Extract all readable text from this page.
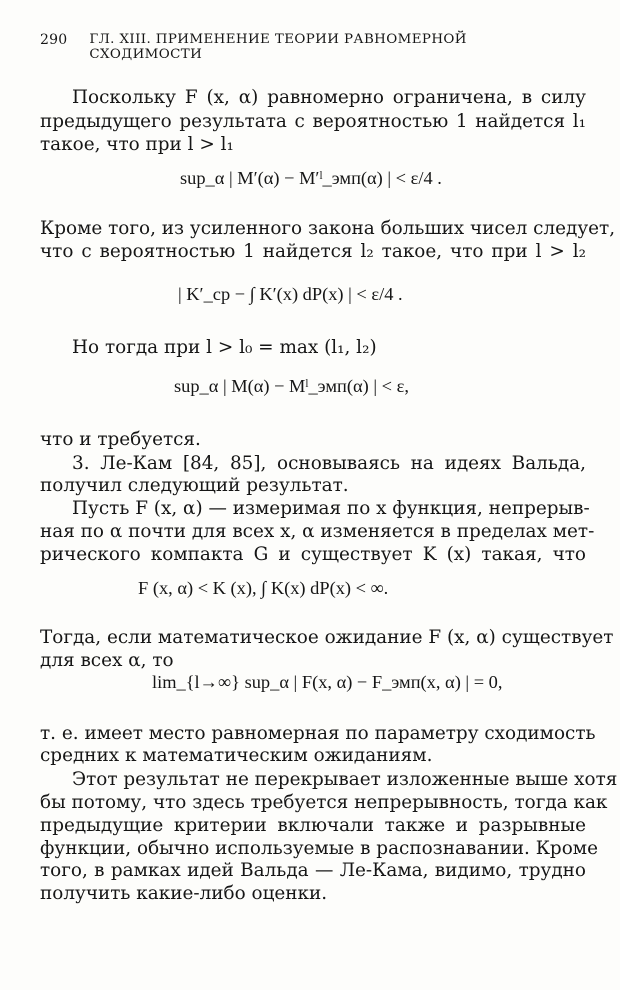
290 ГЛ. XIII. ПРИМЕНЕНИЕ ТЕОРИИ РАВНОМЕРНОЙ СХОДИМОСТИ
Поскольку F (x, α) равномерно ограничена, в силу
предыдущего результата с вероятностью 1 найдется l₁
такое, что при l > l₁
sup_α | M′(α) − M′ˡ_эмп(α) | < ε/4 .
Кроме того, из усиленного закона больших чисел следует,
что с вероятностью 1 найдется l₂ такое, что при l > l₂
| K′_ср − ∫ K′(x) dP(x) | < ε/4 .
Но тогда при l > l₀ = max (l₁, l₂)
sup_α | M(α) − Mˡ_эмп(α) | < ε,
что и требуется.
3. Ле-Кам [84, 85], основываясь на идеях Вальда,
получил следующий результат.
Пусть F (x, α) — измеримая по x функция, непрерыв-
ная по α почти для всех x, α изменяется в пределах мет-
рического компакта G и существует K (x) такая, что
F (x, α) < K (x), ∫ K(x) dP(x) < ∞.
Тогда, если математическое ожидание F (x, α) существует
для всех α, то
lim_{l→∞} sup_α | F(x, α) − F_эмп(x, α) | = 0,
т. е. имеет место равномерная по параметру сходимость
средних к математическим ожиданиям.
Этот результат не перекрывает изложенные выше хотя
бы потому, что здесь требуется непрерывность, тогда как
предыдущие критерии включали также и разрывные
функции, обычно используемые в распознавании. Кроме
того, в рамках идей Вальда — Ле-Кама, видимо, трудно
получить какие-либо оценки.
